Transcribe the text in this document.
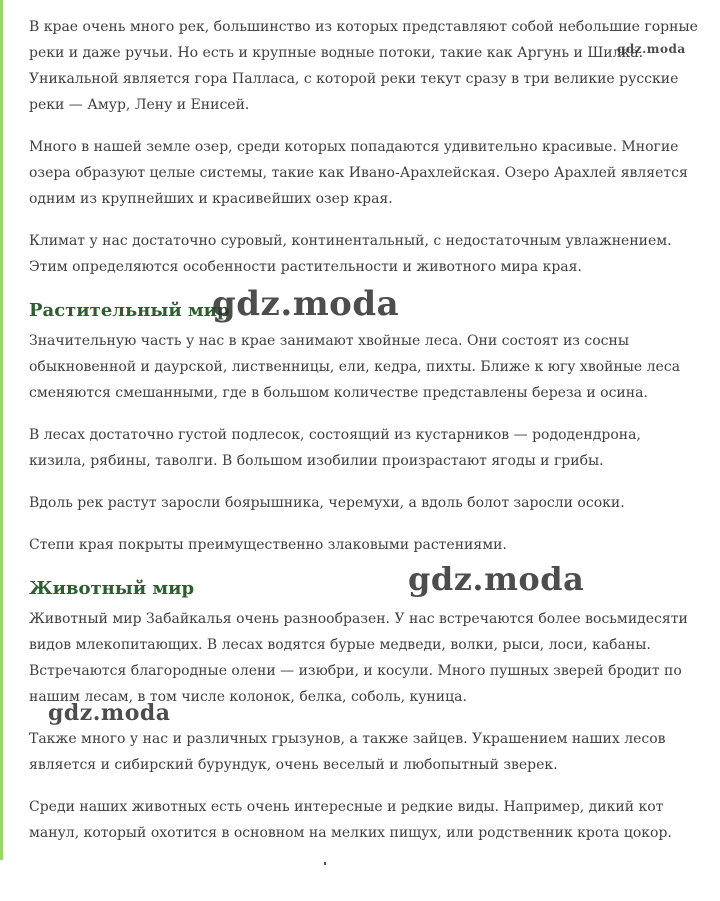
В крае очень много рек, большинство из которых представляют собой небольшие горные реки и даже ручьи. Но есть и крупные водные потоки, такие как Аргунь и Шилка. Уникальной является гора Палласа, с которой реки текут сразу в три великие русские реки — Амур, Лену и Енисей.

Много в нашей земле озер, среди которых попадаются удивительно красивые. Многие озера образуют целые системы, такие как Ивано-Арахлейская. Озеро Арахлей является одним из крупнейших и красивейших озер края.

Климат у нас достаточно суровый, континентальный, с недостаточным увлажнением. Этим определяются особенности растительности и животного мира края.

Растительный мир

Значительную часть у нас в крае занимают хвойные леса. Они состоят из сосны обыкновенной и даурской, лиственницы, ели, кедра, пихты. Ближе к югу хвойные леса сменяются смешанными, где в большом количестве представлены береза и осина.

В лесах достаточно густой подлесок, состоящий из кустарников — рододендрона, кизила, рябины, таволги. В большом изобилии произрастают ягоды и грибы.

Вдоль рек растут заросли боярышника, черемухи, а вдоль болот заросли осоки.

Степи края покрыты преимущественно злаковыми растениями.

Животный мир

Животный мир Забайкалья очень разнообразен. У нас встречаются более восьмидесяти видов млекопитающих. В лесах водятся бурые медведи, волки, рыси, лоси, кабаны. Встречаются благородные олени — изюбри, и косули. Много пушных зверей бродит по нашим лесам, в том числе колонок, белка, соболь, куница.

Также много у нас и различных грызунов, а также зайцев. Украшением наших лесов является и сибирский бурундук, очень веселый и любопытный зверек.

Среди наших животных есть очень интересные и редкие виды. Например, дикий кот манул, который охотится в основном на мелких пищух, или родственник крота цокор.

gdz.moda
gdz.moda
gdz.moda
gdz.moda
